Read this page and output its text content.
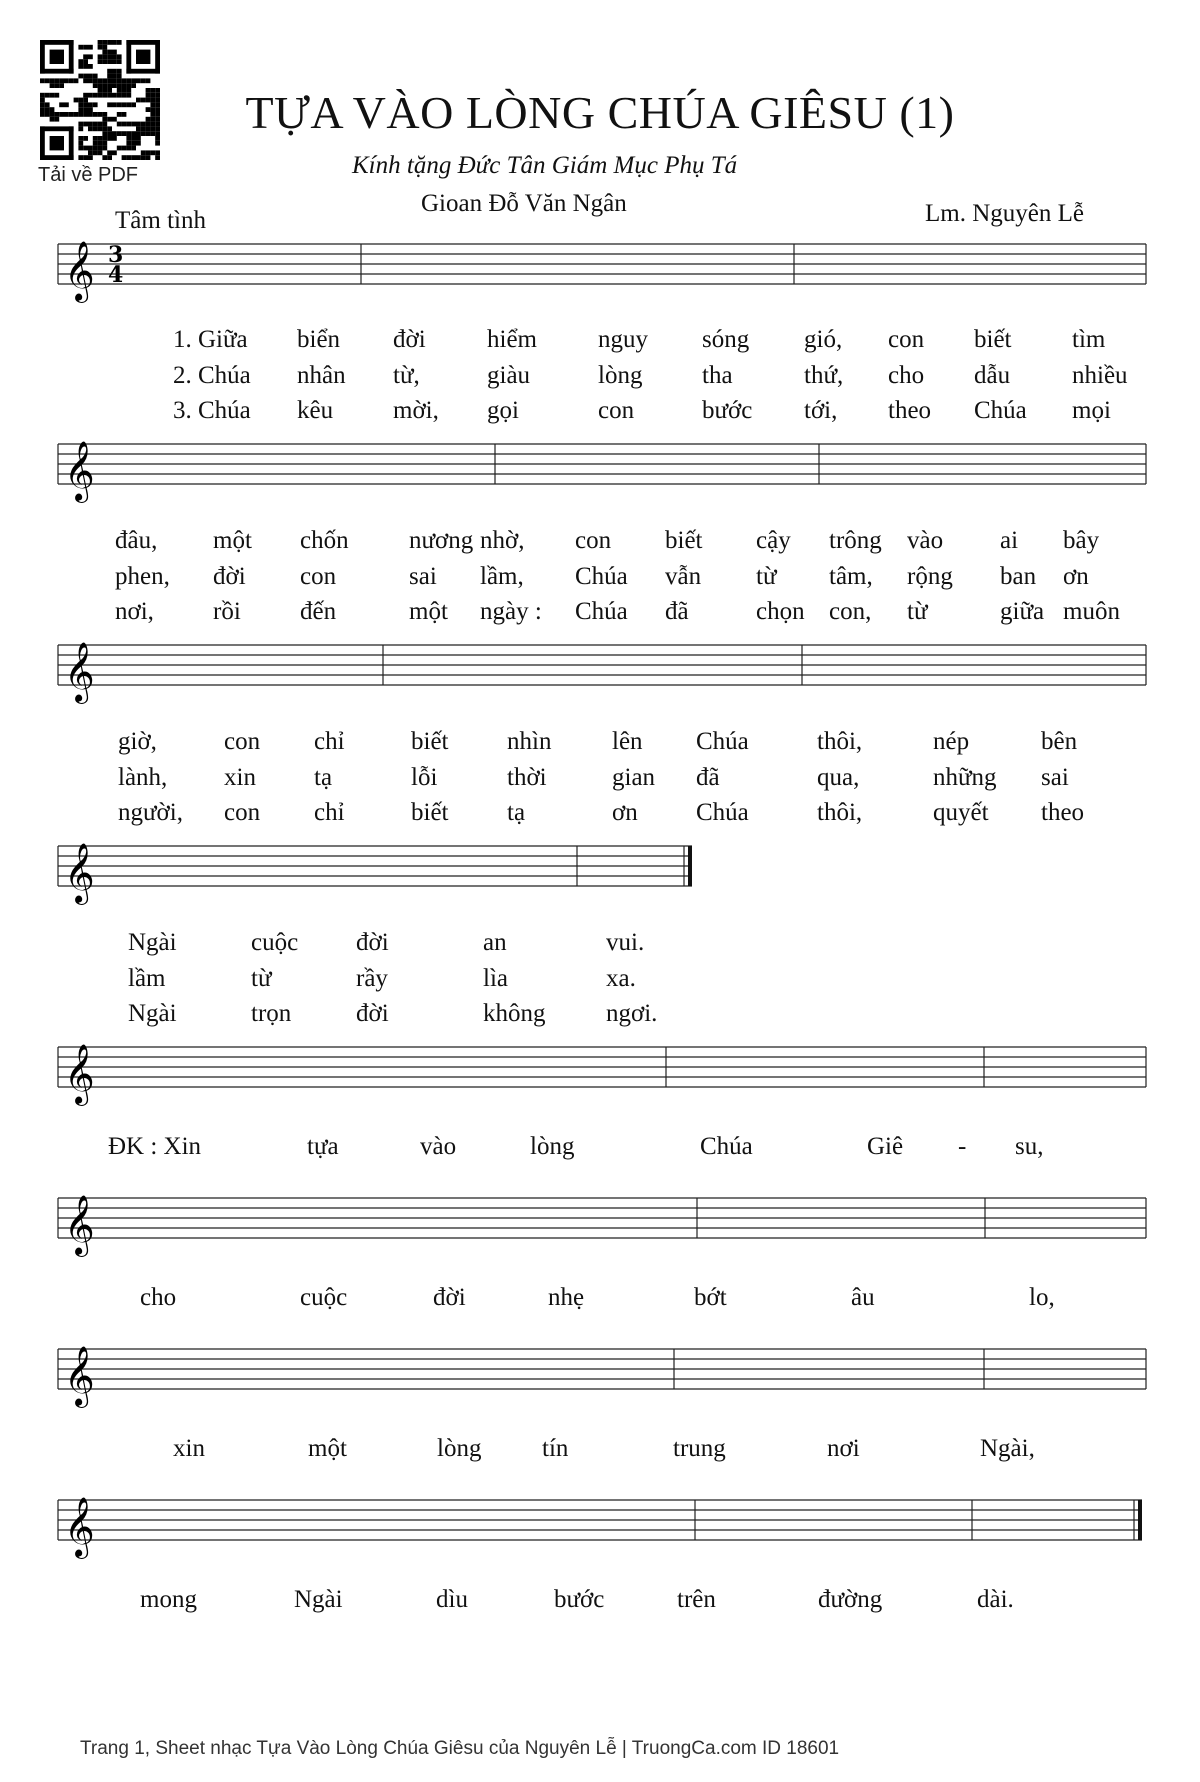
Tải về PDF
TỰA VÀO LÒNG CHÚA GIÊSU (1)
Kính tặng Đức Tân Giám Mục Phụ Tá
Gioan Đỗ Văn Ngân
Tâm tình	Lm. Nguyên Lễ
𝄞 3
4
𝄞
𝄞
𝄞
𝄞
𝄞
𝄞
𝄞
1. Giữa biển đời hiểm nguy sóng gió, con biết tìm
2. Chúa nhân từ,	giàu	lòng tha	thứ, cho dẫu nhiều
3. Chúa kêu mời, gọi	con	bước tới, theo Chúa mọi
đâu, một chốn nương nhờ, con biết cậy trông vào ai bây
phen, đời con	sai lầm, Chúa vẫn từ tâm, rộng ban ơn
nơi, rồi đến	một ngày : Chúa đã	chọn con, từ	giữa muôn
giờ,	con chỉ	biết nhìn lên Chúa	thôi,	nép	bên
lành, xin tạ	lỗi	thời	gian đã	qua,	những sai
người, con chỉ	biết tạ	ơn Chúa	thôi,	quyết theo
Ngài	cuộc đời	an	vui.
lầm	từ	rầy	lìa	xa.
Ngài	trọn	đời	không ngơi.
ĐK : Xin	tựa	vào	lòng	Chúa	Giê - su,
cho	cuộc	đời	nhẹ	bớt	âu	lo,
xin	một	lòng tín	trung	nơi	Ngài,
mong	Ngài	dìu	bước	trên	đường	dài.
Trang 1, Sheet nhạc Tựa Vào Lòng Chúa Giêsu của Nguyên Lễ | TruongCa.com ID 18601
